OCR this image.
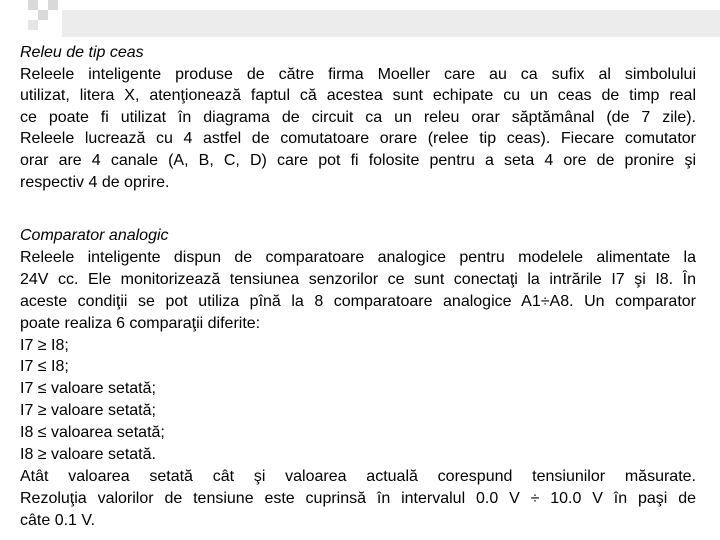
Releu de tip ceas
Releele inteligente produse de către firma Moeller care au ca sufix al simbolului
utilizat, litera X, atenţionează faptul că acestea sunt echipate cu un ceas de timp real
ce poate fi utilizat în diagrama de circuit ca un releu orar săptămânal (de 7 zile).
Releele lucrează cu 4 astfel de comutatoare orare (relee tip ceas). Fiecare comutator
orar are 4 canale (A, B, C, D) care pot fi folosite pentru a seta 4 ore de pronire şi
respectiv 4 de oprire.
Comparator analogic
Releele inteligente dispun de comparatoare analogice pentru modelele alimentate la
24V cc. Ele monitorizează tensiunea senzorilor ce sunt conectaţi la intrările I7 şi I8. În
aceste condiţii se pot utiliza pînă la 8 comparatoare analogice A1÷A8. Un comparator
poate realiza 6 comparaţii diferite:
I7 ≥ I8;
I7 ≤ I8;
I7 ≤ valoare setată;
I7 ≥ valoare setată;
I8 ≤ valoarea setată;
I8 ≥ valoare setată.
Atât valoarea setată cât şi valoarea actuală corespund tensiunilor măsurate.
Rezoluţia valorilor de tensiune este cuprinsă în intervalul 0.0 V ÷ 10.0 V în paşi de
câte 0.1 V.
